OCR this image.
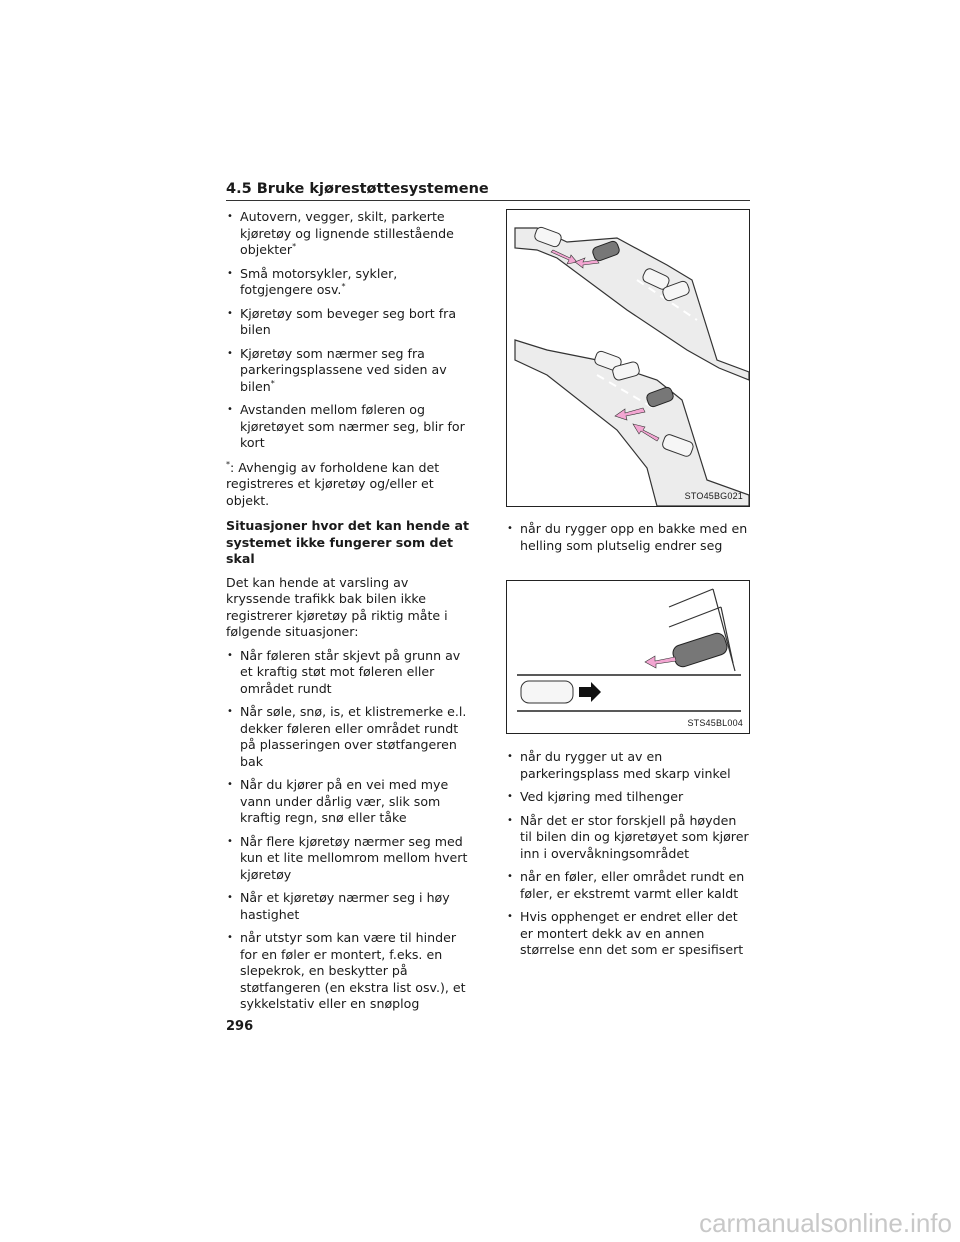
4.5 Bruke kjørestøttesystemene
• Autovern, vegger, skilt, parkerte kjøretøy og lignende stillestående objekter*
• Små motorsykler, sykler, fotgjengere osv.*
• Kjøretøy som beveger seg bort fra bilen
• Kjøretøy som nærmer seg fra parkeringsplassene ved siden av bilen*
• Avstanden mellom føleren og kjøretøyet som nærmer seg, blir for kort

*: Avhengig av forholdene kan det registreres et kjøretøy og/eller et objekt.

Situasjoner hvor det kan hende at systemet ikke fungerer som det skal

Det kan hende at varsling av kryssende trafikk bak bilen ikke registrerer kjøretøy på riktig måte i følgende situasjoner:

• Når føleren står skjevt på grunn av et kraftig støt mot føleren eller området rundt
• Når søle, snø, is, et klistremerke e.l. dekker føleren eller området rundt på plasseringen over støtfangeren bak
• Når du kjører på en vei med mye vann under dårlig vær, slik som kraftig regn, snø eller tåke
• Når flere kjøretøy nærmer seg med kun et lite mellomrom mellom hvert kjøretøy
• Når et kjøretøy nærmer seg i høy hastighet
• når utstyr som kan være til hinder for en føler er montert, f.eks. en slepekrok, en beskytter på støtfangeren (en ekstra list osv.), et sykkelstativ eller en snøplog
STO45BG021
• når du rygger opp en bakke med en helling som plutselig endrer seg
STS45BL004
• når du rygger ut av en parkeringsplass med skarp vinkel
• Ved kjøring med tilhenger
• Når det er stor forskjell på høyden til bilen din og kjøretøyet som kjører inn i overvåkningsområdet
• når en føler, eller området rundt en føler, er ekstremt varmt eller kaldt
• Hvis opphenget er endret eller det er montert dekk av en annen størrelse enn det som er spesifisert
296
carmanualsonline.info
